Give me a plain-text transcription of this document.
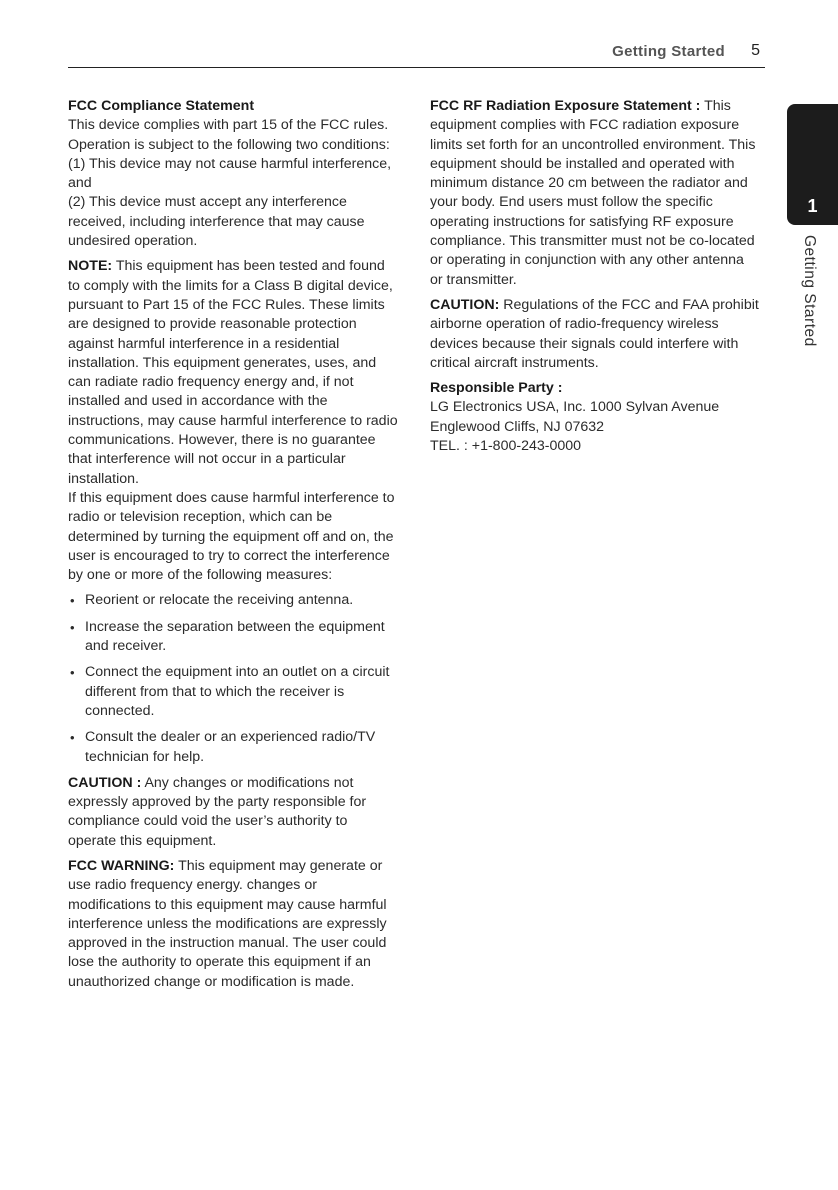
Getting Started 5

FCC Compliance Statement
This device complies with part 15 of the FCC rules. Operation is subject to the following two conditions:

(1) This device may not cause harmful interference, and

(2) This device must accept any interference received, including interference that may cause undesired operation.

NOTE: This equipment has been tested and found to comply with the limits for a Class B digital device, pursuant to Part 15 of the FCC Rules. These limits are designed to provide reasonable protection against harmful interference in a residential installation. This equipment generates, uses, and can radiate radio frequency energy and, if not installed and used in accordance with the instructions, may cause harmful interference to radio communications. However, there is no guarantee that interference will not occur in a particular installation.

If this equipment does cause harmful interference to radio or television reception, which can be determined by turning the equipment off and on, the user is encouraged to try to correct the interference by one or more of the following measures:

• Reorient or relocate the receiving antenna.
• Increase the separation between the equipment and receiver.
• Connect the equipment into an outlet on a circuit different from that to which the receiver is connected.
• Consult the dealer or an experienced radio/TV technician for help.

CAUTION : Any changes or modifications not expressly approved by the party responsible for compliance could void the user’s authority to operate this equipment.

FCC WARNING: This equipment may generate or use radio frequency energy. changes or modifications to this equipment may cause harmful interference unless the modifications are expressly approved in the instruction manual. The user could lose the authority to operate this equipment if an unauthorized change or modification is made.

FCC RF Radiation Exposure Statement : This equipment complies with FCC radiation exposure limits set forth for an uncontrolled environment. This equipment should be installed and operated with minimum distance 20 cm between the radiator and your body. End users must follow the specific operating instructions for satisfying RF exposure compliance. This transmitter must not be co-located or operating in conjunction with any other antenna or transmitter.

CAUTION: Regulations of the FCC and FAA prohibit airborne operation of radio-frequency wireless devices because their signals could interfere with critical aircraft instruments.

Responsible Party :
LG Electronics USA, Inc. 1000 Sylvan Avenue
Englewood Cliffs, NJ 07632
TEL. : +1-800-243-0000

1
Getting Started
